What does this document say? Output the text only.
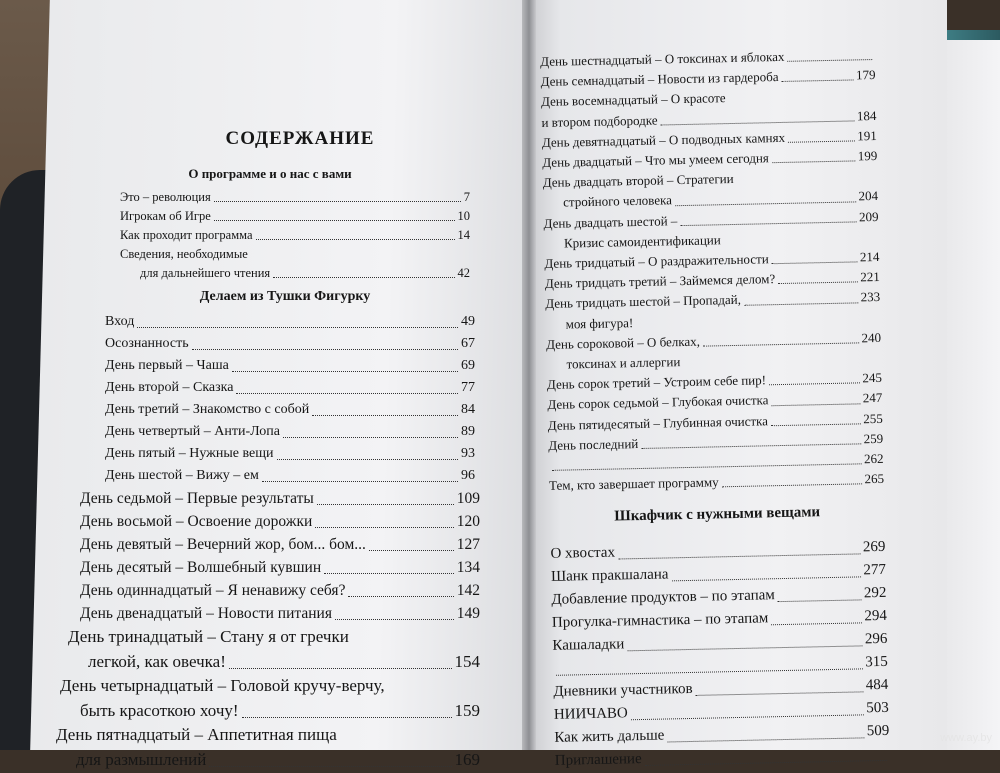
СОДЕРЖАНИЕ
О программе и о нас с вами
Это – революция	7
Игрокам об Игре	10
Как проходит программа	14
Сведения, необходимые
для дальнейшего чтения	42
Делаем из Тушки Фигурку
Вход	49
Осознанность	67
День первый – Чаша	69
День второй – Сказка	77
День третий – Знакомство с собой	84
День четвертый – Анти-Лопа	89
День пятый – Нужные вещи	93
День шестой – Вижу – ем	96
День седьмой – Первые результаты	109
День восьмой – Освоение дорожки	120
День девятый – Вечерний жор, бом... бом...	127
День десятый – Волшебный кувшин	134
День одиннадцатый – Я ненавижу себя?	142
День двенадцатый – Новости питания	149
День тринадцатый – Стану я от гречки
легкой, как овечка!	154
День четырнадцатый – Головой кручу-верчу,
быть красоткою хочу!	159
День пятнадцатый – Аппетитная пища
для размышлений	169
День шестнадцатый – О токсинах и яблоках
День семнадцатый – Новости из гардероба	179
День восемнадцатый – О красоте
и втором подбородке	184
День девятнадцатый – О подводных камнях	191
День двадцатый – Что мы умеем сегодня	199
День двадцать второй – Стратегии
стройного человека	204
День двадцать шестой –	209
Кризис самоидентификации
День тридцатый – О раздражительности	214
День тридцать третий – Займемся делом?	221
День тридцать шестой – Пропадай,	233
моя фигура!
День сороковой – О белках,	240
токсинах и аллергии
День сорок третий – Устроим себе пир!	245
День сорок седьмой – Глубокая очистка	247
День пятидесятый – Глубинная очистка	255
День последний	259
262
Тем, кто завершает программу	265
Шкафчик с нужными вещами
О хвостах	269
Шанк пракшалана	277
Добавление продуктов – по этапам	292
Прогулка-гимнастика – по этапам	294
Кашаладки	296
315
Дневники участников	484
НИИЧАВО	503
Как жить дальше	509
Приглашение
www.ay.by
